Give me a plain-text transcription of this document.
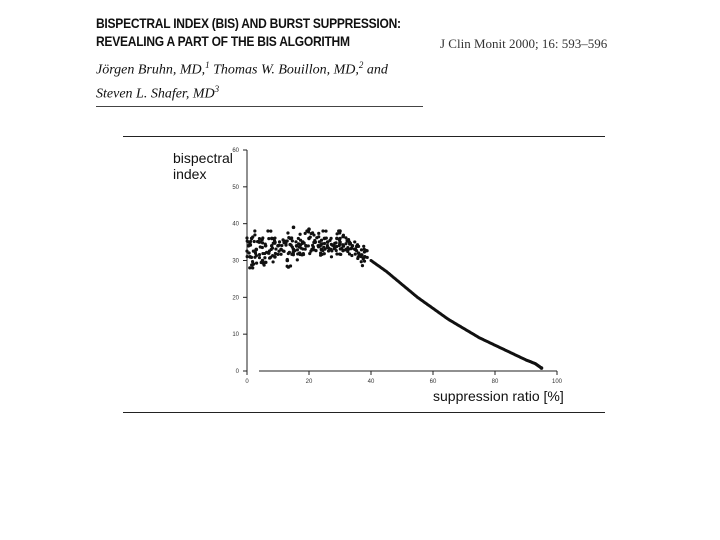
BISPECTRAL INDEX (BIS) AND BURST SUPPRESSION:
REVEALING A PART OF THE BIS ALGORITHM
Jörgen Bruhn, MD,$^1$ Thomas W. Bouillon, MD,$^2$ and
Steven L. Shafer, $MD^3$
J Clin Monit 2000; 16: 593–596
0
10
20
30
40
50
60
0	20	40	60	80	100
bispectral
index
suppression ratio [%]
